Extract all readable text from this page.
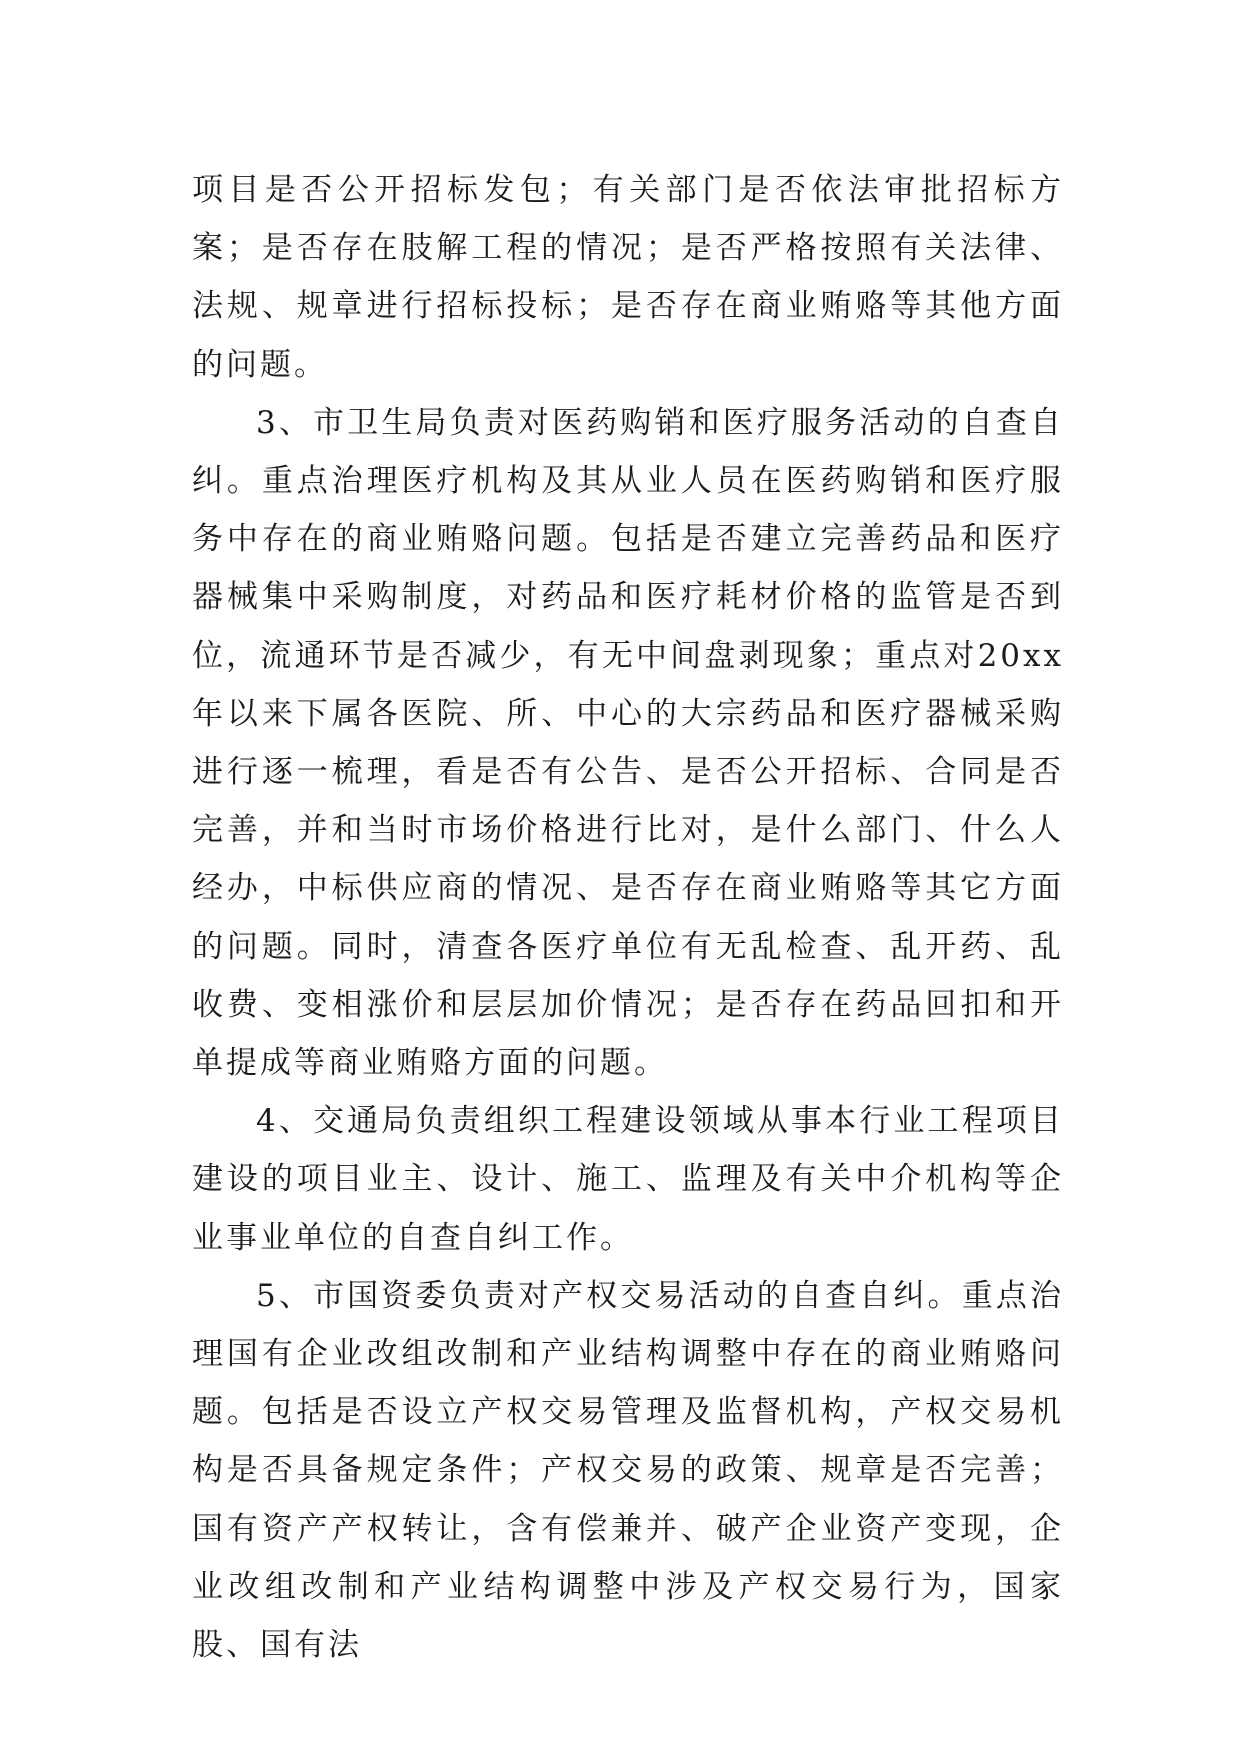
项目是否公开招标发包；有关部门是否依法审批招标方案；是否存在肢解工程的情况；是否严格按照有关法律、法规、规章进行招标投标；是否存在商业贿赂等其他方面的问题。

3、市卫生局负责对医药购销和医疗服务活动的自查自纠。重点治理医疗机构及其从业人员在医药购销和医疗服务中存在的商业贿赂问题。包括是否建立完善药品和医疗器械集中采购制度，对药品和医疗耗材价格的监管是否到位，流通环节是否减少，有无中间盘剥现象；重点对20xx年以来下属各医院、所、中心的大宗药品和医疗器械采购进行逐一梳理，看是否有公告、是否公开招标、合同是否完善，并和当时市场价格进行比对，是什么部门、什么人经办，中标供应商的情况、是否存在商业贿赂等其它方面的问题。同时，清查各医疗单位有无乱检查、乱开药、乱收费、变相涨价和层层加价情况；是否存在药品回扣和开单提成等商业贿赂方面的问题。

4、交通局负责组织工程建设领域从事本行业工程项目建设的项目业主、设计、施工、监理及有关中介机构等企业事业单位的自查自纠工作。

5、市国资委负责对产权交易活动的自查自纠。重点治理国有企业改组改制和产业结构调整中存在的商业贿赂问题。包括是否设立产权交易管理及监督机构，产权交易机构是否具备规定条件；产权交易的政策、规章是否完善；国有资产产权转让，含有偿兼并、破产企业资产变现，企业改组改制和产业结构调整中涉及产权交易行为，国家股、国有法
